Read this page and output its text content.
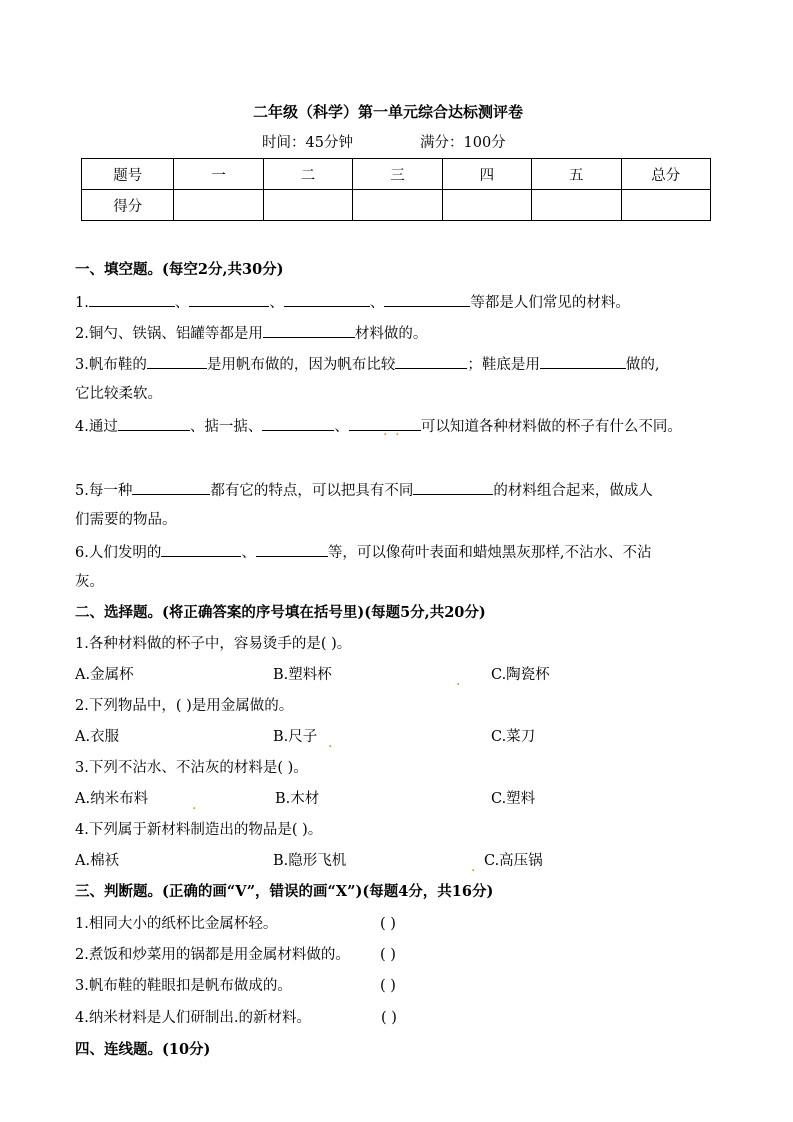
二年级（科学）第一单元综合达标测评卷
时间：45分钟	满分：100分
题号	一	二	三	四	五	总分
得分						
一、填空题。(每空2分,共30分)
1.	、	、	、	等都是人们常见的材料。
2.铜勺、铁锅、铝罐等都是用	材料做的。
3.帆布鞋的	是用帆布做的，因为帆布比较	；鞋底是用	做的,
它比较柔软。
4.通过	、掂一掂、	、	可以知道各种材料做的杯子有什么不同。
. .
5.每一种	都有它的特点，可以把具有不同	的材料组合起来，做成人
们需要的物品。
6.人们发明的	、	等，可以像荷叶表面和蜡烛黑灰那样,不沾水、不沾
灰。
二、选择题。(将正确答案的序号填在括号里)(每题5分,共20分)
1.各种材料做的杯子中，容易烫手的是( )。
A.金属杯	B.塑料杯	. C.陶瓷杯
2.下列物品中，( )是用金属做的。
A.衣服	B.尺子 .	C.菜刀
3.下列不沾水、不沾灰的材料是( )。
A.纳米布料	.	B.木材	C.塑料
4.下列属于新材料制造出的物品是( )。
A.棉袄	B.隐形飞机	. C.高压锅
三、判断题。(正确的画“V”，错误的画“X”)(每题4分，共16分)
1.相同大小的纸杯比金属杯轻。	( )
2.煮饭和炒菜用的锅都是用金属材料做的。 ( )
3.帆布鞋的鞋眼扣是帆布做成的。	( )
4.纳米材料是人们研制出.的新材料。	( )
四、连线题。(10分)
